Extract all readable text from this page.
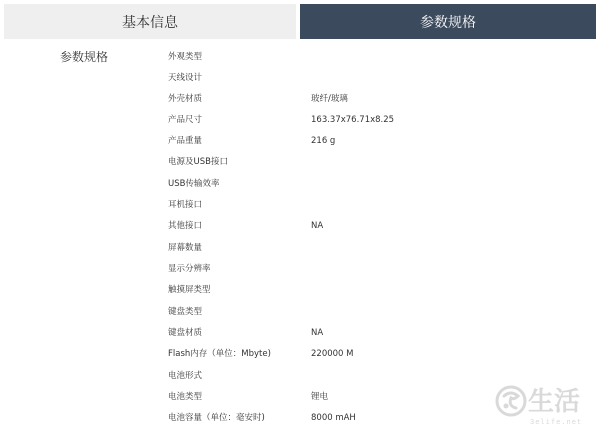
基本信息	参数规格
参数规格	外观类型
天线设计
外壳材质	玻纤/玻璃
产品尺寸	163.37x76.71x8.25
产品重量	216 g
电源及USB接口
USB传输效率
耳机接口
其他接口	NA
屏幕数量
显示分辨率
触摸屏类型
键盘类型
键盘材质	NA
Flash内存（单位：Mbyte)	220000 M
电池形式
电池类型	锂电
电池容量（单位：毫安时)	8000 mAH
生活
3elife.net
